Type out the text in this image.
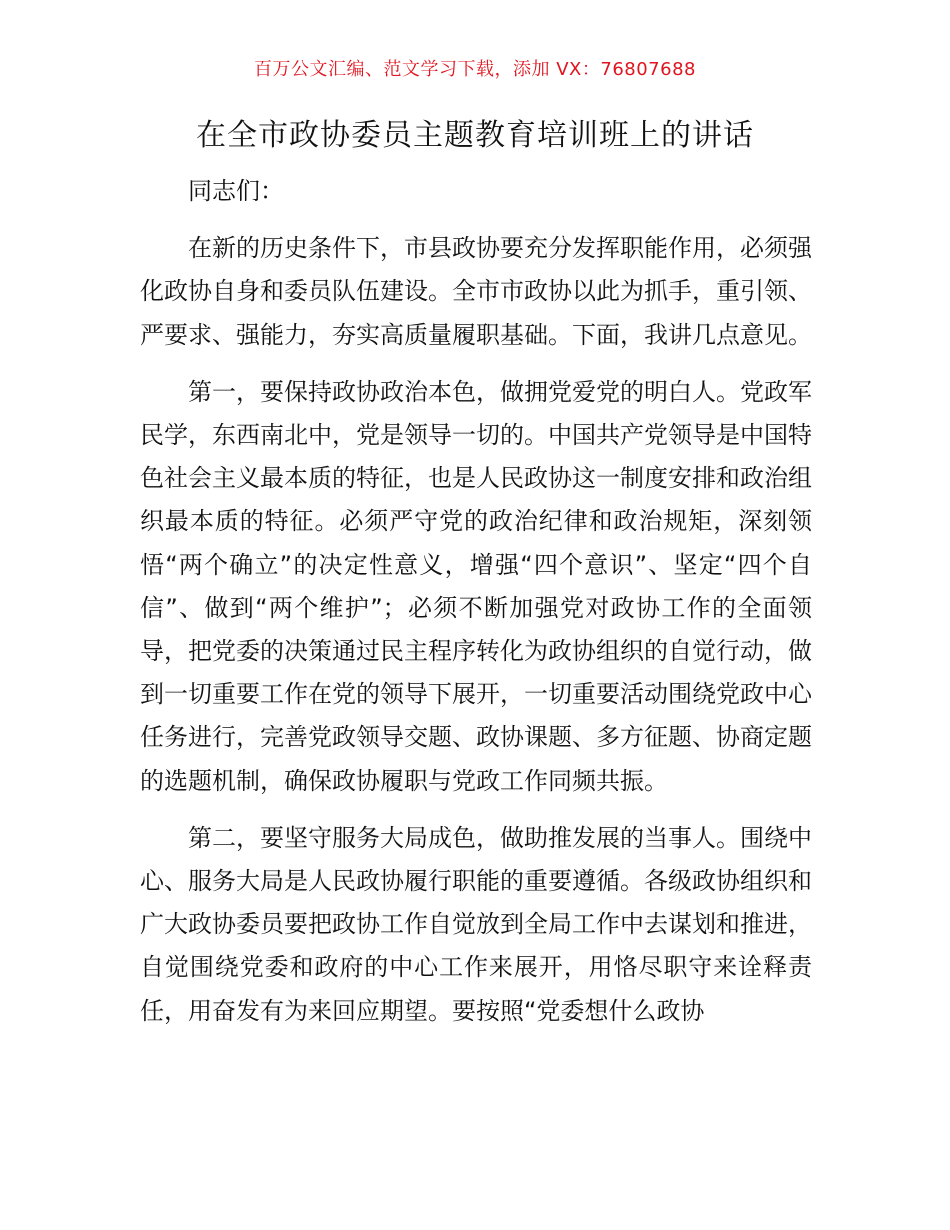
百万公文汇编、范文学习下载，添加 VX：76807688
在全市政协委员主题教育培训班上的讲话

同志们：

在新的历史条件下，市县政协要充分发挥职能作用，必须强化政协自身和委员队伍建设。全市市政协以此为抓手，重引领、严要求、强能力，夯实高质量履职基础。下面，我讲几点意见。

第一，要保持政协政治本色，做拥党爱党的明白人。党政军民学，东西南北中，党是领导一切的。中国共产党领导是中国特色社会主义最本质的特征，也是人民政协这一制度安排和政治组织最本质的特征。必须严守党的政治纪律和政治规矩，深刻领悟“两个确立”的决定性意义，增强“四个意识”、坚定“四个自信”、做到“两个维护”；必须不断加强党对政协工作的全面领导，把党委的决策通过民主程序转化为政协组织的自觉行动，做到一切重要工作在党的领导下展开，一切重要活动围绕党政中心任务进行，完善党政领导交题、政协课题、多方征题、协商定题的选题机制，确保政协履职与党政工作同频共振。

第二，要坚守服务大局成色，做助推发展的当事人。围绕中心、服务大局是人民政协履行职能的重要遵循。各级政协组织和广大政协委员要把政协工作自觉放到全局工作中去谋划和推进，自觉围绕党委和政府的中心工作来展开，用恪尽职守来诠释责任，用奋发有为来回应期望。要按照“党委想什么政协
